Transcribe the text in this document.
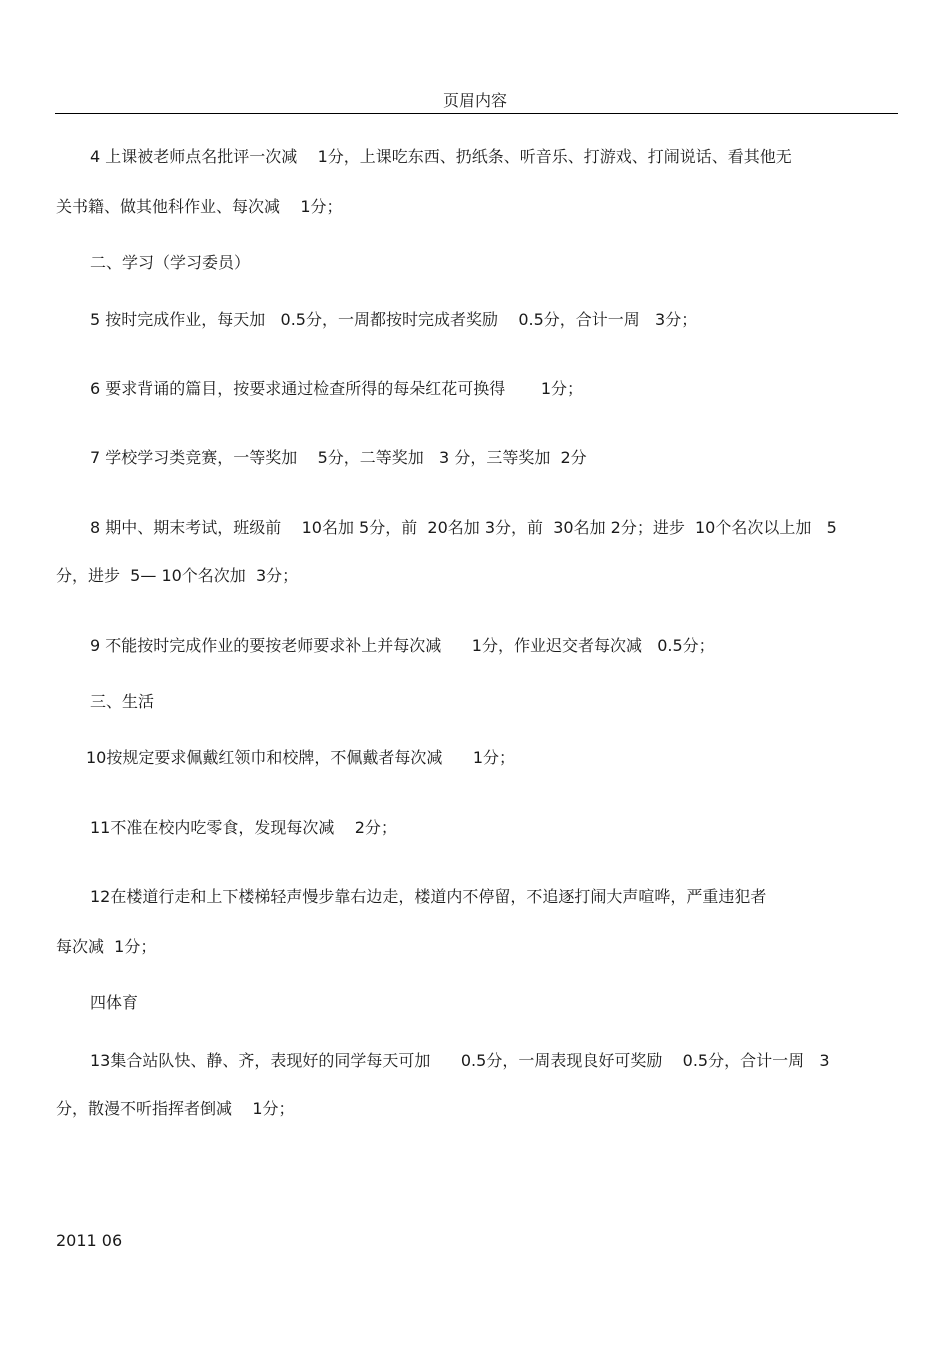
页眉内容
4 上课被老师点名批评一次减    1分，上课吃东西、扔纸条、听音乐、打游戏、打闹说话、看其他无
关书籍、做其他科作业、每次减    1分；
二、学习（学习委员）
5 按时完成作业，每天加   0.5分，一周都按时完成者奖励    0.5分，合计一周   3分；
6 要求背诵的篇目，按要求通过检查所得的每朵红花可换得       1分；
7 学校学习类竞赛，一等奖加    5分，二等奖加   3 分，三等奖加  2分
8 期中、期末考试，班级前    10名加 5分，前  20名加 3分，前  30名加 2分；进步  10个名次以上加   5
分，进步  5— 10个名次加  3分；
9 不能按时完成作业的要按老师要求补上并每次减      1分，作业迟交者每次减   0.5分；
三、生活
10按规定要求佩戴红领巾和校牌，不佩戴者每次减      1分；
11不准在校内吃零食，发现每次减    2分；
12在楼道行走和上下楼梯轻声慢步靠右边走，楼道内不停留，不追逐打闹大声喧哗，严重违犯者
每次减  1分；
四体育
13集合站队快、静、齐，表现好的同学每天可加      0.5分，一周表现良好可奖励    0.5分，合计一周   3
分，散漫不听指挥者倒减    1分；
2011 06
